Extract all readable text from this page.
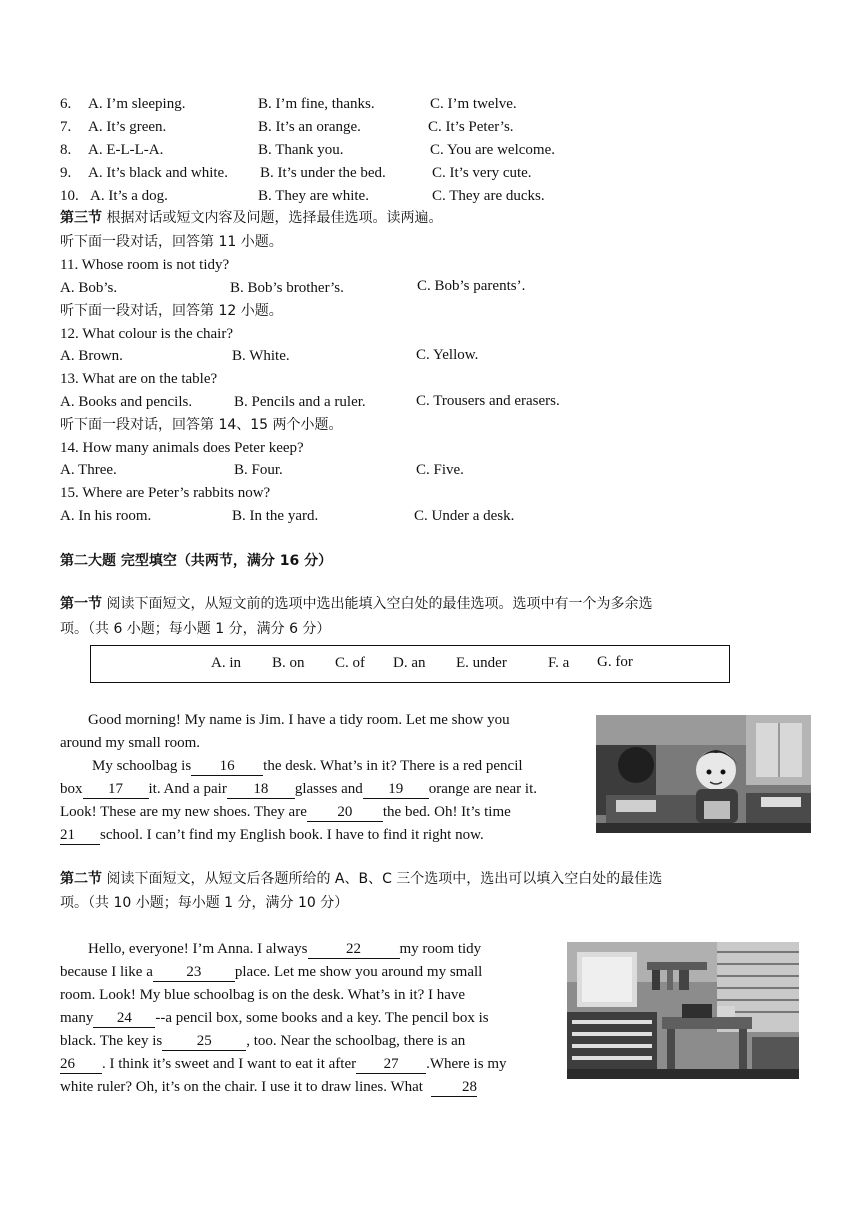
6. A. I’m sleeping.	B. I’m fine, thanks.	C. I’m twelve.
7. A. It’s green.	B. It’s an orange.	C. It’s Peter’s.
8. A. E-L-L-A.	B. Thank you.	C. You are welcome.
9. A. It’s black and white. B. It’s under the bed.	C. It’s very cute.
10. A. It’s a dog.	B. They are white.	C. They are ducks.
第三节 根据对话或短文内容及问题，选择最佳选项。读两遍。
听下面一段对话，回答第 11 小题。
11. Whose room is not tidy?
A. Bob’s.	B. Bob’s brother’s.	C. Bob’s parents’.
听下面一段对话，回答第 12 小题。
12. What colour is the chair?
A. Brown.	B. White.	C. Yellow.
13. What are on the table?
A. Books and pencils.	B. Pencils and a ruler.	C. Trousers and erasers.
听下面一段对话，回答第 14、15 两个小题。
14. How many animals does Peter keep?
A. Three.	B. Four.	C. Five.
15. Where are Peter’s rabbits now?
A. In his room.	B. In the yard.	C. Under a desk.
第二大题 完型填空（共两节，满分 16 分）
第一节 阅读下面短文，从短文前的选项中选出能填入空白处的最佳选项。选项中有一个为多余选
项。（共 6 小题；每小题 1 分，满分 6 分）
A. in B. on C. of D. an E. under	F. a G. for
Good morning! My name is Jim. I have a tidy room. Let me show you
around my small room.
My schoolbag is 16 the desk. What’s in it? There is a red pencil
box 17 it. And a pair 18 glasses and 19 orange are near it.
Look! These are my new shoes. They are 20 the bed. Oh! It’s time
21 school. I can’t find my English book. I have to find it right now.
第二节 阅读下面短文，从短文后各题所给的 A、B、C 三个选项中，选出可以填入空白处的最佳选
项。（共 10 小题；每小题 1 分，满分 10 分）
Hello, everyone! I’m Anna. I always	22	my room tidy
because I like a 23 place. Let me show you around my small
room. Look! My blue schoolbag is on the desk. What’s in it? I have
many 24 --a pencil box, some books and a key. The pencil box is
black. The key is 25 , too. Near the schoolbag, there is an
26 . I think it’s sweet and I want to eat it after 27 .Where is my
white ruler? Oh, it’s on the chair. I use it to draw lines. What	28
